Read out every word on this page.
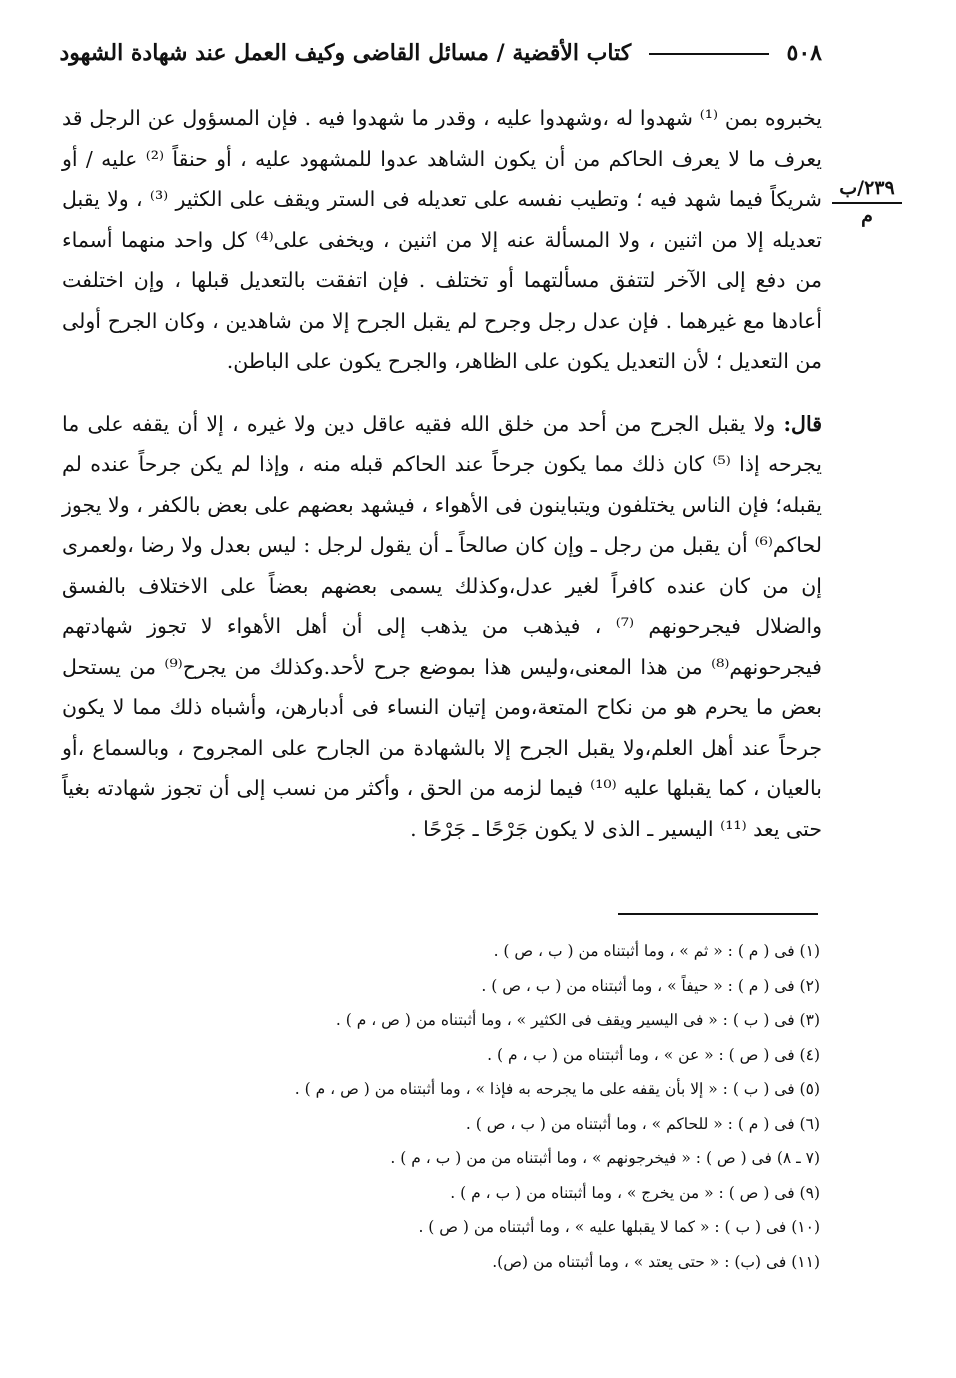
٥٠٨  كتاب الأقضية / مسائل القاضى وكيف العمل عند شهادة الشهود
٢٣٩/ب
م

يخبروه بمن ⁽¹⁾ شهدوا له ،وشهدوا عليه ، وقدر ما شهدوا فيه . فإن المسؤول عن الرجل قد يعرف ما لا يعرف الحاكم من أن يكون الشاهد عدوا للمشهود عليه ، أو حنقاً ⁽²⁾ عليه / أو شريكاً فيما شهد فيه ؛ وتطيب نفسه على تعديله فى الستر ويقف على الكثير ⁽³⁾ ، ولا يقبل تعديله إلا من اثنين ، ولا المسألة عنه إلا من اثنين ، ويخفى على⁽⁴⁾ كل واحد منهما أسماء من دفع إلى الآخر لتتفق مسألتهما أو تختلف . فإن اتفقت بالتعديل قبلها ، وإن اختلفت أعادها مع غيرهما . فإن عدل رجل وجرح لم يقبل الجرح إلا من شاهدين ، وكان الجرح أولى من التعديل ؛ لأن التعديل يكون على الظاهر، والجرح يكون على الباطن.

قال: ولا يقبل الجرح من أحد من خلق الله فقيه عاقل دين ولا غيره ، إلا أن يقفه على ما يجرحه إذا ⁽⁵⁾ كان ذلك مما يكون جرحاً عند الحاكم قبله منه ، وإذا لم يكن جرحاً عنده لم يقبله؛ فإن الناس يختلفون ويتباينون فى الأهواء ، فيشهد بعضهم على بعض بالكفر ، ولا يجوز لحاكم⁽⁶⁾ أن يقبل من رجل ـ وإن كان صالحاً ـ أن يقول لرجل : ليس بعدل ولا رضا ،ولعمرى إن من كان عنده كافراً لغير عدل،وكذلك يسمى بعضهم بعضاً على الاختلاف بالفسق والضلال فيجرحونهم ⁽⁷⁾ ، فيذهب من يذهب إلى أن أهل الأهواء لا تجوز شهادتهم فيجرحونهم⁽⁸⁾ من هذا المعنى،وليس هذا بموضع جرح لأحد.وكذلك من يجرح⁽⁹⁾ من يستحل بعض ما يحرم هو من نكاح المتعة،ومن إتيان النساء فى أدبارهن، وأشباه ذلك مما لا يكون جرحاً عند أهل العلم،ولا يقبل الجرح إلا بالشهادة من الجارح على المجروح ، وبالسماع ،أو بالعيان ، كما يقبلها عليه ⁽¹⁰⁾ فيما لزمه من الحق ، وأكثر من نسب إلى أن تجوز شهادته بغياً حتى يعد ⁽¹¹⁾ اليسير ـ الذى لا يكون جَرْحًا ـ جَرْحًا .

(١) فى ( م ) : « ثم » ، وما أثبتناه من ( ب ، ص ) .
(٢) فى ( م ) : « حيفاً » ، وما أثبتناه من ( ب ، ص ) .
(٣) فى ( ب ) : « فى اليسير ويقف فى الكثير » ، وما أثبتناه من ( ص ، م ) .
(٤) فى ( ص ) : « عن » ، وما أثبتناه من ( ب ، م ) .
(٥) فى ( ب ) : « إلا بأن يقفه على ما يجرحه به فإذا » ، وما أثبتناه من ( ص ، م ) .
(٦) فى ( م ) : « للحاكم » ، وما أثبتناه من ( ب ، ص ) .
(٧ ـ ٨) فى ( ص ) : « فيخرجونهم » ، وما أثبتناه من من ( ب ، م ) .
(٩) فى ( ص ) : « من يخرج » ، وما أثبتناه من ( ب ، م ) .
(١٠) فى ( ب ) : « كما لا يقبلها عليه » ، وما أثبتناه من ( ص ) .
(١١) فى (ب) : « حتى يعتد » ، وما أثبتناه من (ص).
